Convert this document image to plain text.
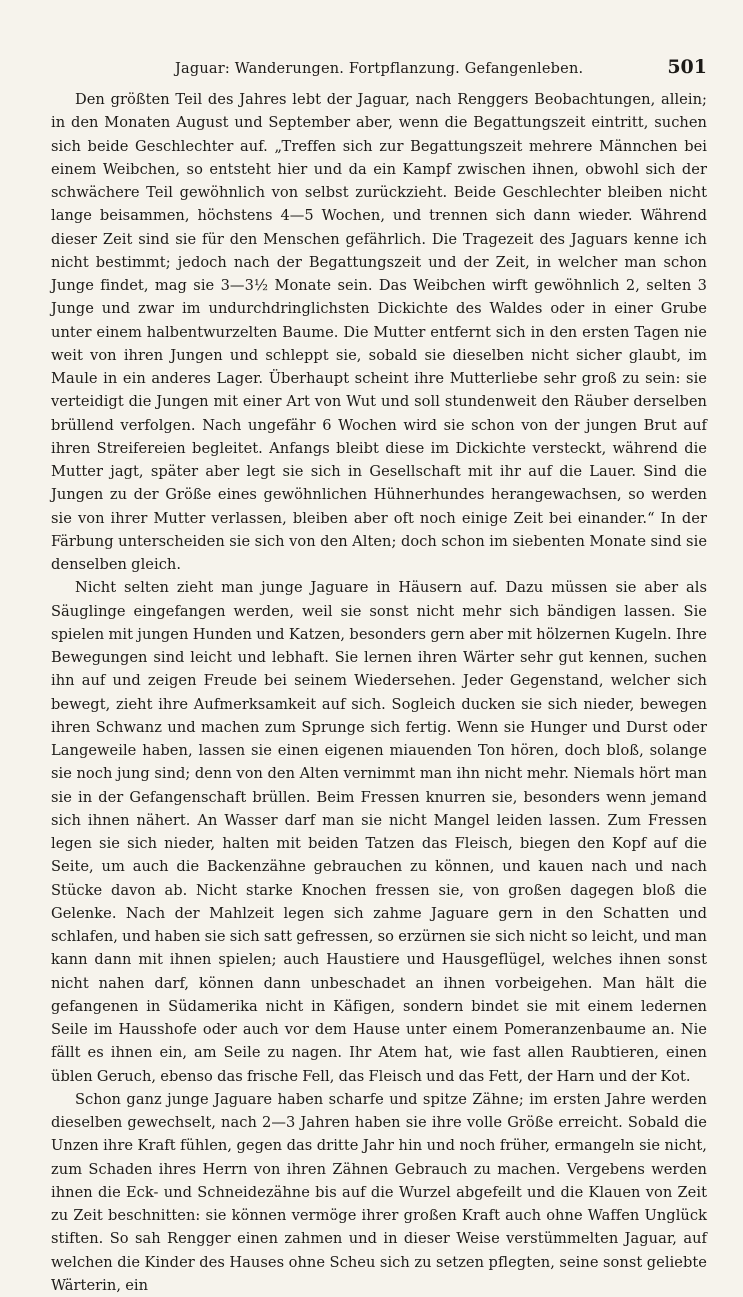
Jaguar: Wanderungen. Fortpflanzung. Gefangenleben.	501

Den größten Teil des Jahres lebt der Jaguar, nach Renggers Beobachtungen, allein; in den Monaten August und September aber, wenn die Begattungszeit eintritt, suchen sich beide Geschlechter auf. „Treffen sich zur Begattungszeit mehrere Männchen bei einem Weibchen, so entsteht hier und da ein Kampf zwischen ihnen, obwohl sich der schwächere Teil gewöhnlich von selbst zurückzieht. Beide Geschlechter bleiben nicht lange beisammen, höchstens 4—5 Wochen, und trennen sich dann wieder. Während dieser Zeit sind sie für den Menschen gefährlich. Die Tragezeit des Jaguars kenne ich nicht bestimmt; jedoch nach der Begattungszeit und der Zeit, in welcher man schon Junge findet, mag sie 3—3½ Monate sein. Das Weibchen wirft gewöhnlich 2, selten 3 Junge und zwar im undurchdringlichsten Dickichte des Waldes oder in einer Grube unter einem halbentwurzelten Baume. Die Mutter entfernt sich in den ersten Tagen nie weit von ihren Jungen und schleppt sie, sobald sie dieselben nicht sicher glaubt, im Maule in ein anderes Lager. Überhaupt scheint ihre Mutterliebe sehr groß zu sein: sie verteidigt die Jungen mit einer Art von Wut und soll stundenweit den Räuber derselben brüllend verfolgen. Nach ungefähr 6 Wochen wird sie schon von der jungen Brut auf ihren Streifereien begleitet. Anfangs bleibt diese im Dickichte versteckt, während die Mutter jagt, später aber legt sie sich in Gesellschaft mit ihr auf die Lauer. Sind die Jungen zu der Größe eines gewöhnlichen Hühnerhundes herangewachsen, so werden sie von ihrer Mutter verlassen, bleiben aber oft noch einige Zeit bei einander.“ In der Färbung unterscheiden sie sich von den Alten; doch schon im siebenten Monate sind sie denselben gleich.

Nicht selten zieht man junge Jaguare in Häusern auf. Dazu müssen sie aber als Säuglinge eingefangen werden, weil sie sonst nicht mehr sich bändigen lassen. Sie spielen mit jungen Hunden und Katzen, besonders gern aber mit hölzernen Kugeln. Ihre Bewegungen sind leicht und lebhaft. Sie lernen ihren Wärter sehr gut kennen, suchen ihn auf und zeigen Freude bei seinem Wiedersehen. Jeder Gegenstand, welcher sich bewegt, zieht ihre Aufmerksamkeit auf sich. Sogleich ducken sie sich nieder, bewegen ihren Schwanz und machen zum Sprunge sich fertig. Wenn sie Hunger und Durst oder Langeweile haben, lassen sie einen eigenen miauenden Ton hören, doch bloß, solange sie noch jung sind; denn von den Alten vernimmt man ihn nicht mehr. Niemals hört man sie in der Gefangenschaft brüllen. Beim Fressen knurren sie, besonders wenn jemand sich ihnen nähert. An Wasser darf man sie nicht Mangel leiden lassen. Zum Fressen legen sie sich nieder, halten mit beiden Tatzen das Fleisch, biegen den Kopf auf die Seite, um auch die Backenzähne gebrauchen zu können, und kauen nach und nach Stücke davon ab. Nicht starke Knochen fressen sie, von großen dagegen bloß die Gelenke. Nach der Mahlzeit legen sich zahme Jaguare gern in den Schatten und schlafen, und haben sie sich satt gefressen, so erzürnen sie sich nicht so leicht, und man kann dann mit ihnen spielen; auch Haustiere und Hausgeflügel, welches ihnen sonst nicht nahen darf, können dann unbeschadet an ihnen vorbeigehen. Man hält die gefangenen in Südamerika nicht in Käfigen, sondern bindet sie mit einem ledernen Seile im Hausshofe oder auch vor dem Hause unter einem Pomeranzenbaume an. Nie fällt es ihnen ein, am Seile zu nagen. Ihr Atem hat, wie fast allen Raubtieren, einen üblen Geruch, ebenso das frische Fell, das Fleisch und das Fett, der Harn und der Kot.

Schon ganz junge Jaguare haben scharfe und spitze Zähne; im ersten Jahre werden dieselben gewechselt, nach 2—3 Jahren haben sie ihre volle Größe erreicht. Sobald die Unzen ihre Kraft fühlen, gegen das dritte Jahr hin und noch früher, ermangeln sie nicht, zum Schaden ihres Herrn von ihren Zähnen Gebrauch zu machen. Vergebens werden ihnen die Eck- und Schneidezähne bis auf die Wurzel abgefeilt und die Klauen von Zeit zu Zeit beschnitten: sie können vermöge ihrer großen Kraft auch ohne Waffen Unglück stiften. So sah Rengger einen zahmen und in dieser Weise verstümmelten Jaguar, auf welchen die Kinder des Hauses ohne Scheu sich zu setzen pflegten, seine sonst geliebte Wärterin, ein
